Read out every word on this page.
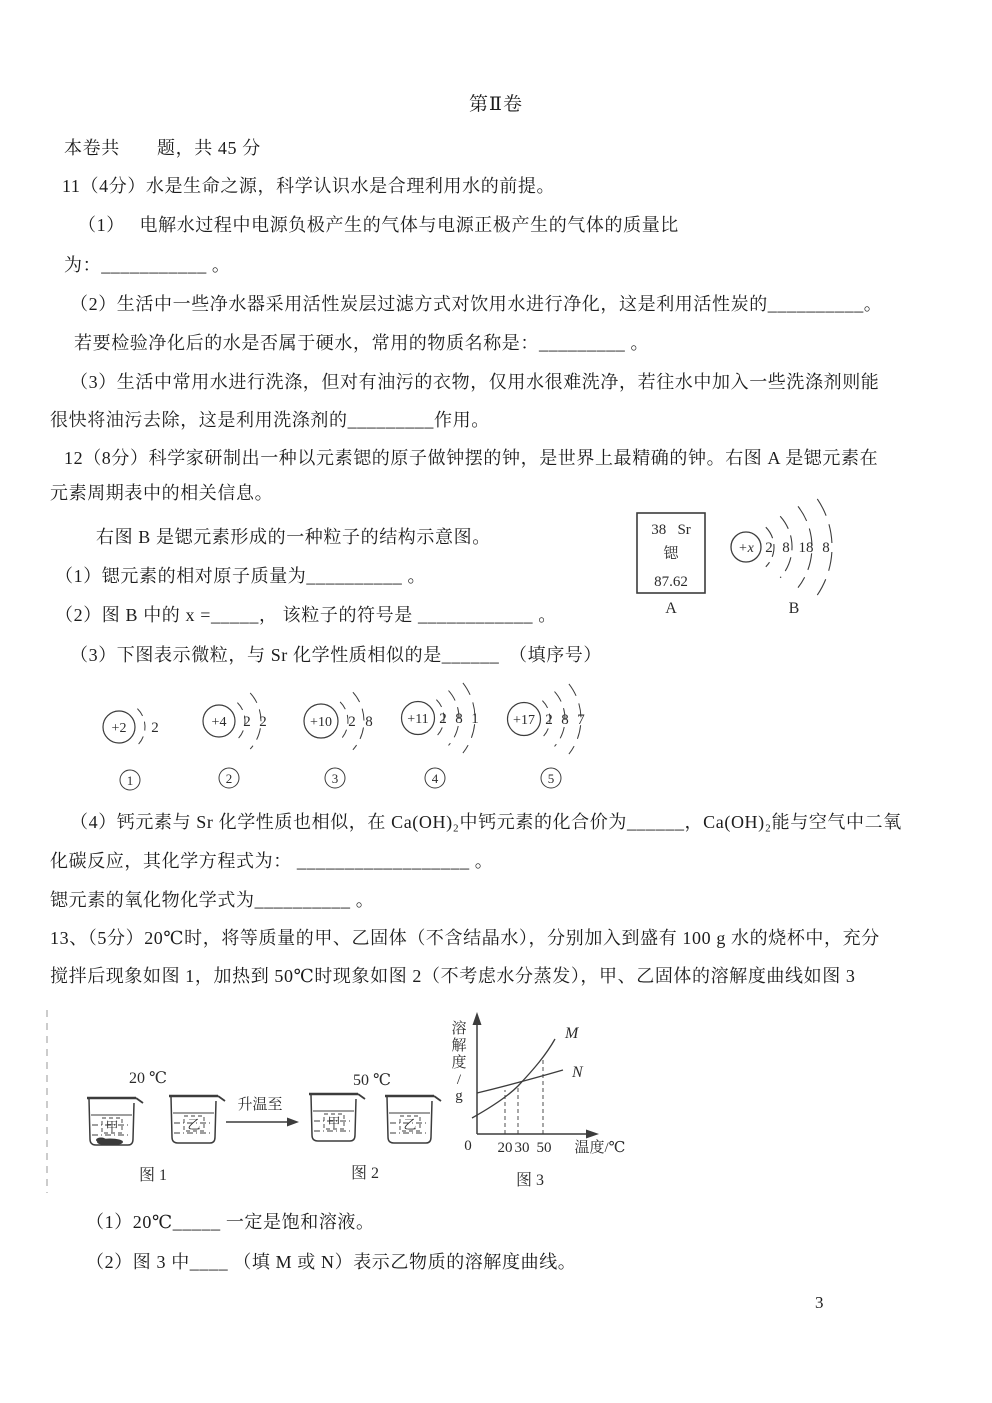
第Ⅱ卷
本卷共　　题，共 45 分
11（4分）水是生命之源，科学认识水是合理利用水的前提。
（1）　 电解水过程中电源负极产生的气体与电源正极产生的气体的质量比
为：___________ 。
（2）生活中一些净水器采用活性炭层过滤方式对饮用水进行净化，这是利用活性炭的__________。
若要检验净化后的水是否属于硬水，常用的物质名称是：_________ 。
（3）生活中常用水进行洗涤，但对有油污的衣物，仅用水很难洗净，若往水中加入一些洗涤剂则能
很快将油污去除，这是利用洗涤剂的_________作用。
12（8分）科学家研制出一种以元素锶的原子做钟摆的钟，是世界上最精确的钟。右图 A 是锶元素在
元素周期表中的相关信息。
右图 B 是锶元素形成的一种粒子的结构示意图。
（1）锶元素的相对原子质量为__________ 。
（2）图 B 中的 x =_____， 该粒子的符号是 ____________ 。
（3）下图表示微粒，与 Sr 化学性质相似的是______　（填序号）
（4）钙元素与 Sr 化学性质也相似，在 Ca(OH)₂中钙元素的化合价为______，Ca(OH)₂能与空气中二氧
化碳反应，其化学方程式为： __________________ 。
锶元素的氧化物化学式为__________ 。
13、（5分）20℃时，将等质量的甲、乙固体（不含结晶水），分别加入到盛有 100 g 水的烧杯中，充分
搅拌后现象如图 1，加热到 50℃时现象如图 2（不考虑水分蒸发），甲、乙固体的溶解度曲线如图 3
（1）20℃_____ 一定是饱和溶液。
（2）图 3 中____ （填 M 或 N）表示乙物质的溶解度曲线。
3
38   Sr
锶
87.62
A
+x 2 8 18 8
B
+2 2
1
+4 2 2
2
+10 2 8
3
+11 2 8 1
4
+17 2 8 7
5
20 ℃
甲	乙
图 1
升温至
50 ℃
甲	乙
图 2
溶
解
度
/
g
M
N
0 20 30 50 温度/℃
图 3
